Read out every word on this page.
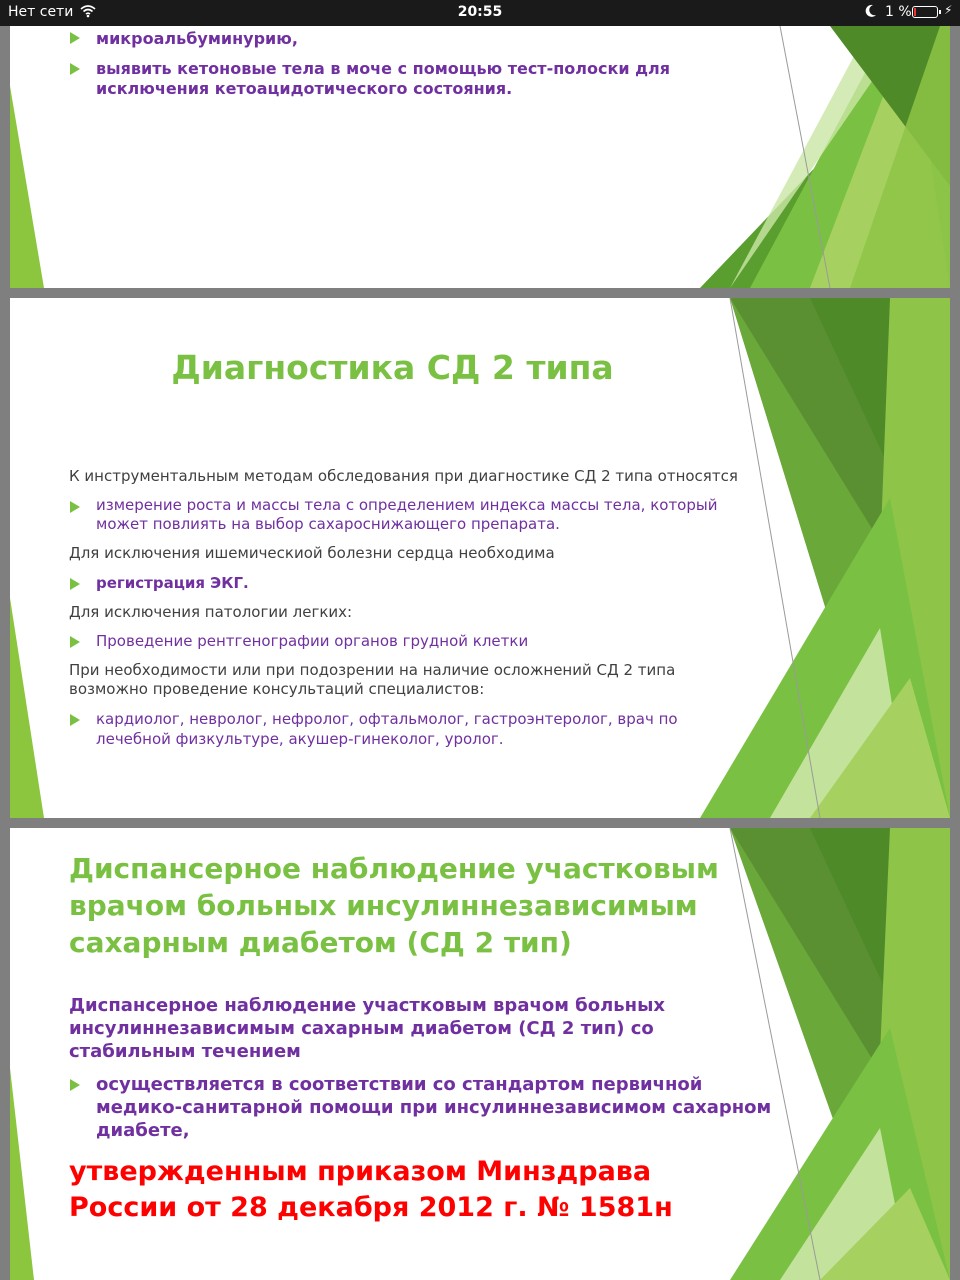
Нет сети	20:55	1 %	⚡
микроальбуминурию,
выявить кетоновые тела в моче с помощью тест-полоски для
исключения кетоацидотического состояния.
Диагностика СД 2 типа
К инструментальным методам обследования при диагностике СД 2 типа относятся
измерение роста и массы тела с определением индекса массы тела, который
может повлиять на выбор сахароснижающего препарата.
Для исключения ишемическиой болезни сердца необходима
регистрация ЭКГ.
Для исключения патологии легких:
Проведение рентгенографии органов грудной клетки
При необходимости или при подозрении на наличие осложнений СД 2 типа
возможно проведение консультаций специалистов:
кардиолог, невролог, нефролог, офтальмолог, гастроэнтеролог, врач по
лечебной физкультуре, акушер-гинеколог, уролог.
Диспансерное наблюдение участковым
врачом больных инсулиннезависимым
сахарным диабетом (СД 2 тип)
Диспансерное наблюдение участковым врачом больных
инсулиннезависимым сахарным диабетом (СД 2 тип) со
стабильным течением
осуществляется в соответствии со стандартом первичной
медико-санитарной помощи при инсулиннезависимом сахарном
диабете,
утвержденным приказом Минздрава
России от 28 декабря 2012 г. № 1581н
